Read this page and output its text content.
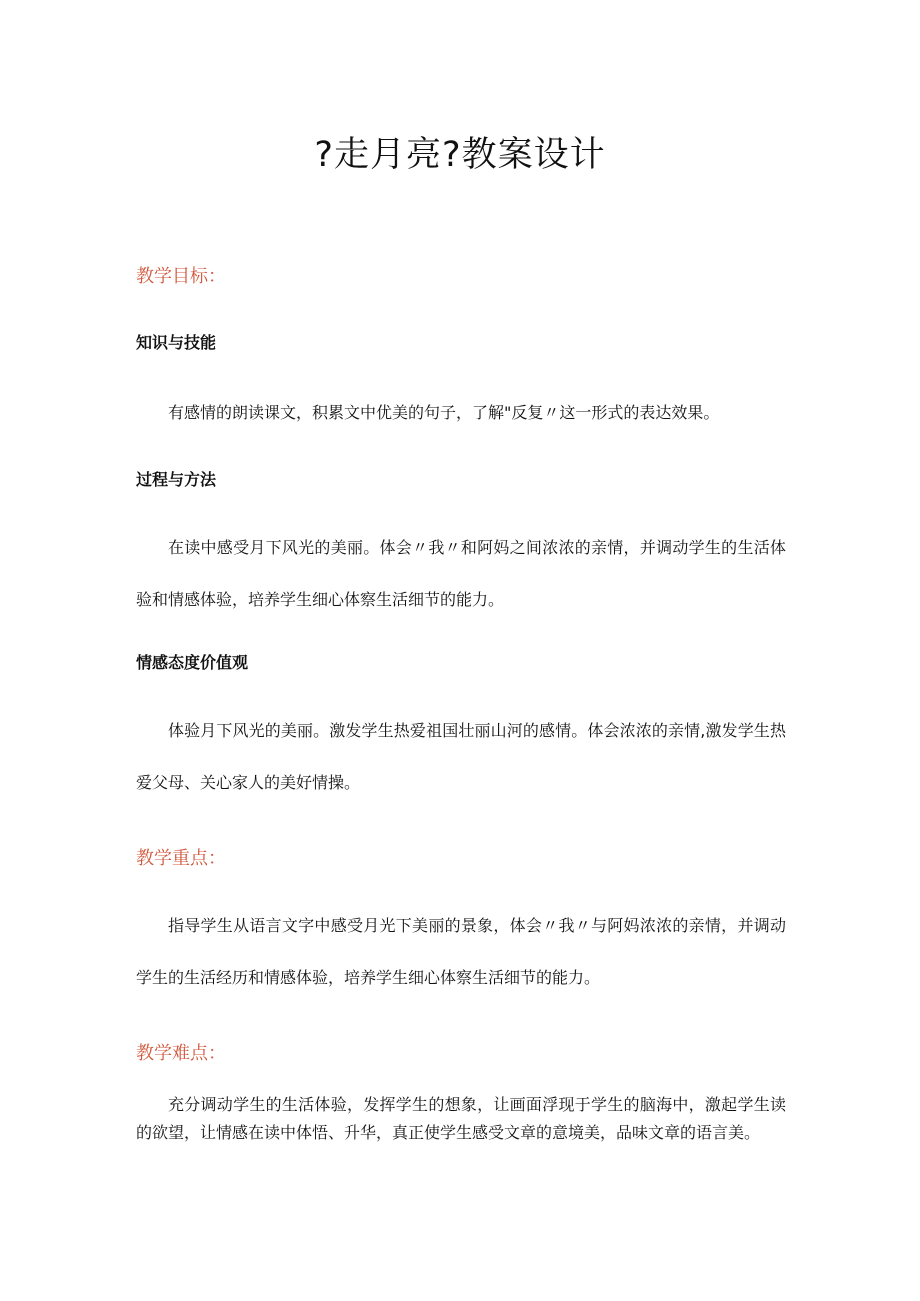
?走月亮?教案设计
教学目标：
知识与技能

有感情的朗读课文，积累文中优美的句子，了解"反复〃这一形式的表达效果。

过程与方法

在读中感受月下风光的美丽。体会〃我〃和阿妈之间浓浓的亲情，并调动学生的生活体验和情感体验，培养学生细心体察生活细节的能力。

情感态度价值观

体验月下风光的美丽。激发学生热爱祖国壮丽山河的感情。体会浓浓的亲情,激发学生热爱父母、关心家人的美好情操。

教学重点：

指导学生从语言文字中感受月光下美丽的景象，体会〃我〃与阿妈浓浓的亲情，并调动学生的生活经历和情感体验，培养学生细心体察生活细节的能力。

教学难点：

充分调动学生的生活体验，发挥学生的想象，让画面浮现于学生的脑海中，激起学生读的欲望，让情感在读中体悟、升华，真正使学生感受文章的意境美，品味文章的语言美。
